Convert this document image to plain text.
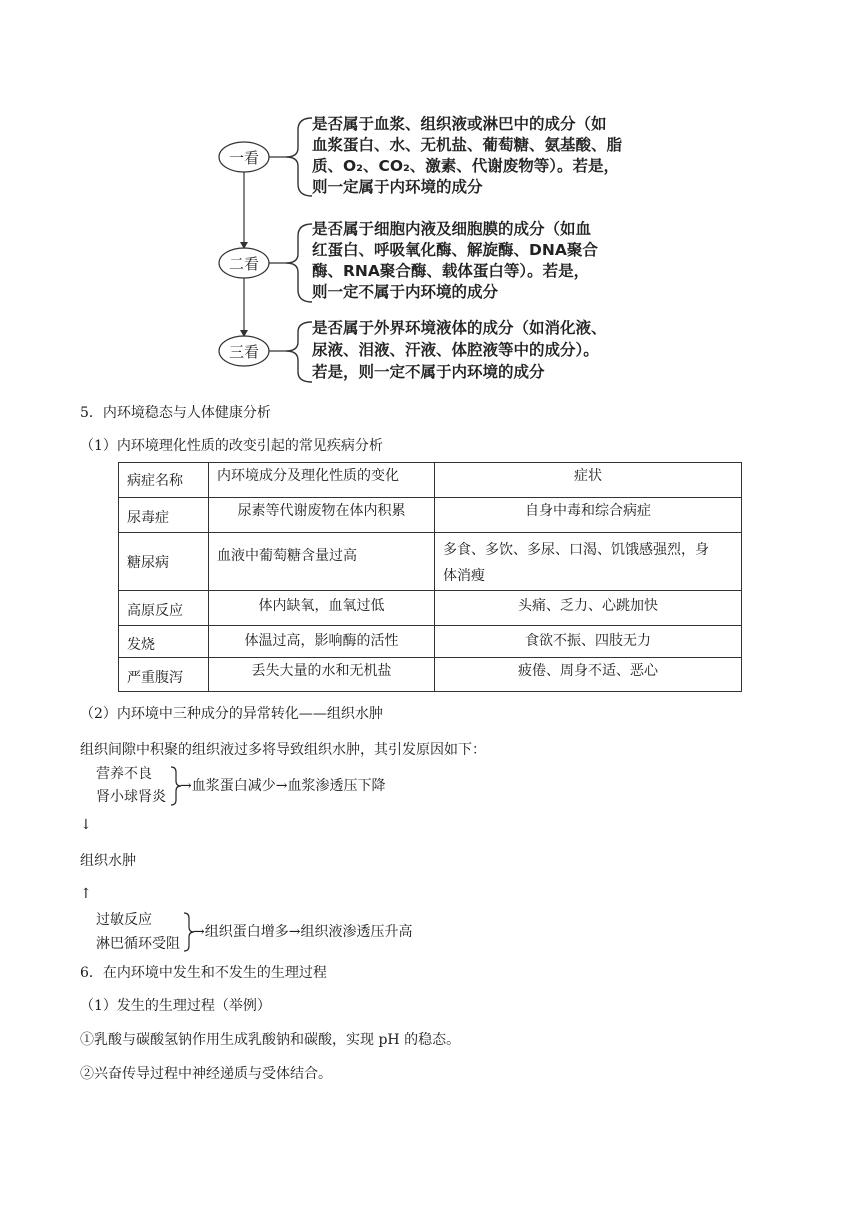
一看
二看
三看
是否属于血浆、组织液或淋巴中的成分（如
血浆蛋白、水、无机盐、葡萄糖、氨基酸、脂
质、O₂、CO₂、激素、代谢废物等）。若是，
则一定属于内环境的成分
是否属于细胞内液及细胞膜的成分（如血
红蛋白、呼吸氧化酶、解旋酶、DNA聚合
酶、RNA聚合酶、载体蛋白等）。若是，
则一定不属于内环境的成分
是否属于外界环境液体的成分（如消化液、
尿液、泪液、汗液、体腔液等中的成分）。
若是，则一定不属于内环境的成分
5．内环境稳态与人体健康分析
（1）内环境理化性质的改变引起的常见疾病分析
病症名称	内环境成分及理化性质的变化	症状
尿毒症	尿素等代谢废物在体内积累	自身中毒和综合病症
糖尿病	血液中葡萄糖含量过高	多食、多饮、多尿、口渴、饥饿感强烈，身
体消瘦

高原反应	体内缺氧，血氧过低	头痛、乏力、心跳加快
发烧	体温过高，影响酶的活性	食欲不振、四肢无力
严重腹泻	丢失大量的水和无机盐	疲倦、周身不适、恶心
（2）内环境中三种成分的异常转化——组织水肿
组织间隙中积聚的组织液过多将导致组织水肿，其引发原因如下：
营养不良
肾小球肾炎
→血浆蛋白减少→血浆渗透压下降
↓
组织水肿
↑
过敏反应
淋巴循环受阻
→组织蛋白增多→组织液渗透压升高
6．在内环境中发生和不发生的生理过程
（1）发生的生理过程（举例）
①乳酸与碳酸氢钠作用生成乳酸钠和碳酸，实现 pH 的稳态。
②兴奋传导过程中神经递质与受体结合。
